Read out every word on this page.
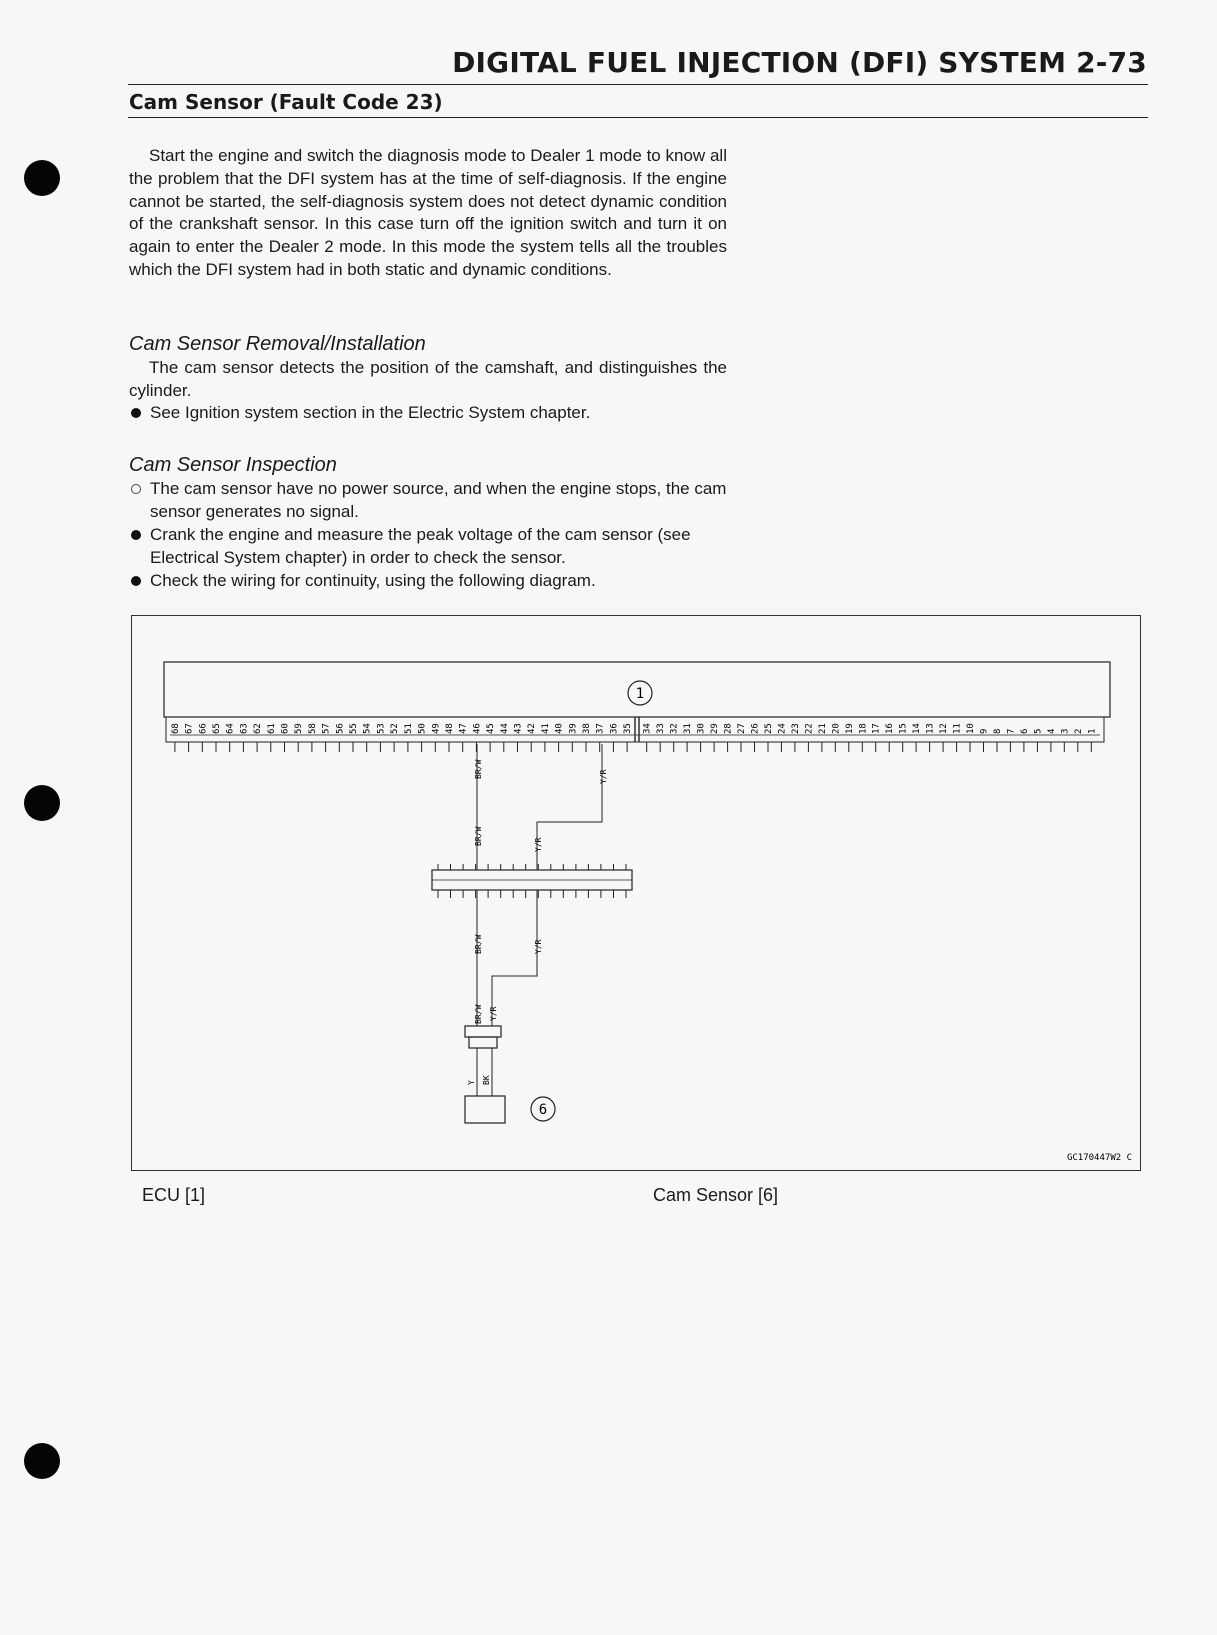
DIGITAL FUEL INJECTION (DFI) SYSTEM 2-73
Cam Sensor (Fault Code 23)

Start the engine and switch the diagnosis mode to Dealer 1 mode to know all the problem that the DFI system has at the time of self-diagnosis. If the engine cannot be started, the self-diagnosis system does not detect dynamic condition of the crankshaft sensor. In this case turn off the ignition switch and turn it on again to enter the Dealer 2 mode. In this mode the system tells all the troubles which the DFI system had in both static and dynamic conditions.

Cam Sensor Removal/Installation

The cam sensor detects the position of the camshaft, and distinguishes the cylinder.

See Ignition system section in the Electric System chapter.
Cam Sensor Inspection
The cam sensor have no power source, and when the engine stops, the cam sensor generates no signal.
Crank the engine and measure the peak voltage of the cam sensor (see Electrical System chapter) in order to check the sensor.
Check the wiring for continuity, using the following diagram.
1
68 67 66 65 64 63 62 61 60 59 58 57 56 55 54 53 52 51 50 49 48 47 46 45 44 43 42 41 40 39 38 37 36 35 34 33 32 31 30 29 28 27 26 25 24 23 22 21 20 19 18 17 16 15 14 13 12 11 10 9 8 7 6 5 4 3 2 1
BR/W
BR/W
Y/R
Y/R
BR/W
BR/W
Y/R
Y/R
Y BK
6
GC170447W2 C
ECU [1]	Cam Sensor [6]
